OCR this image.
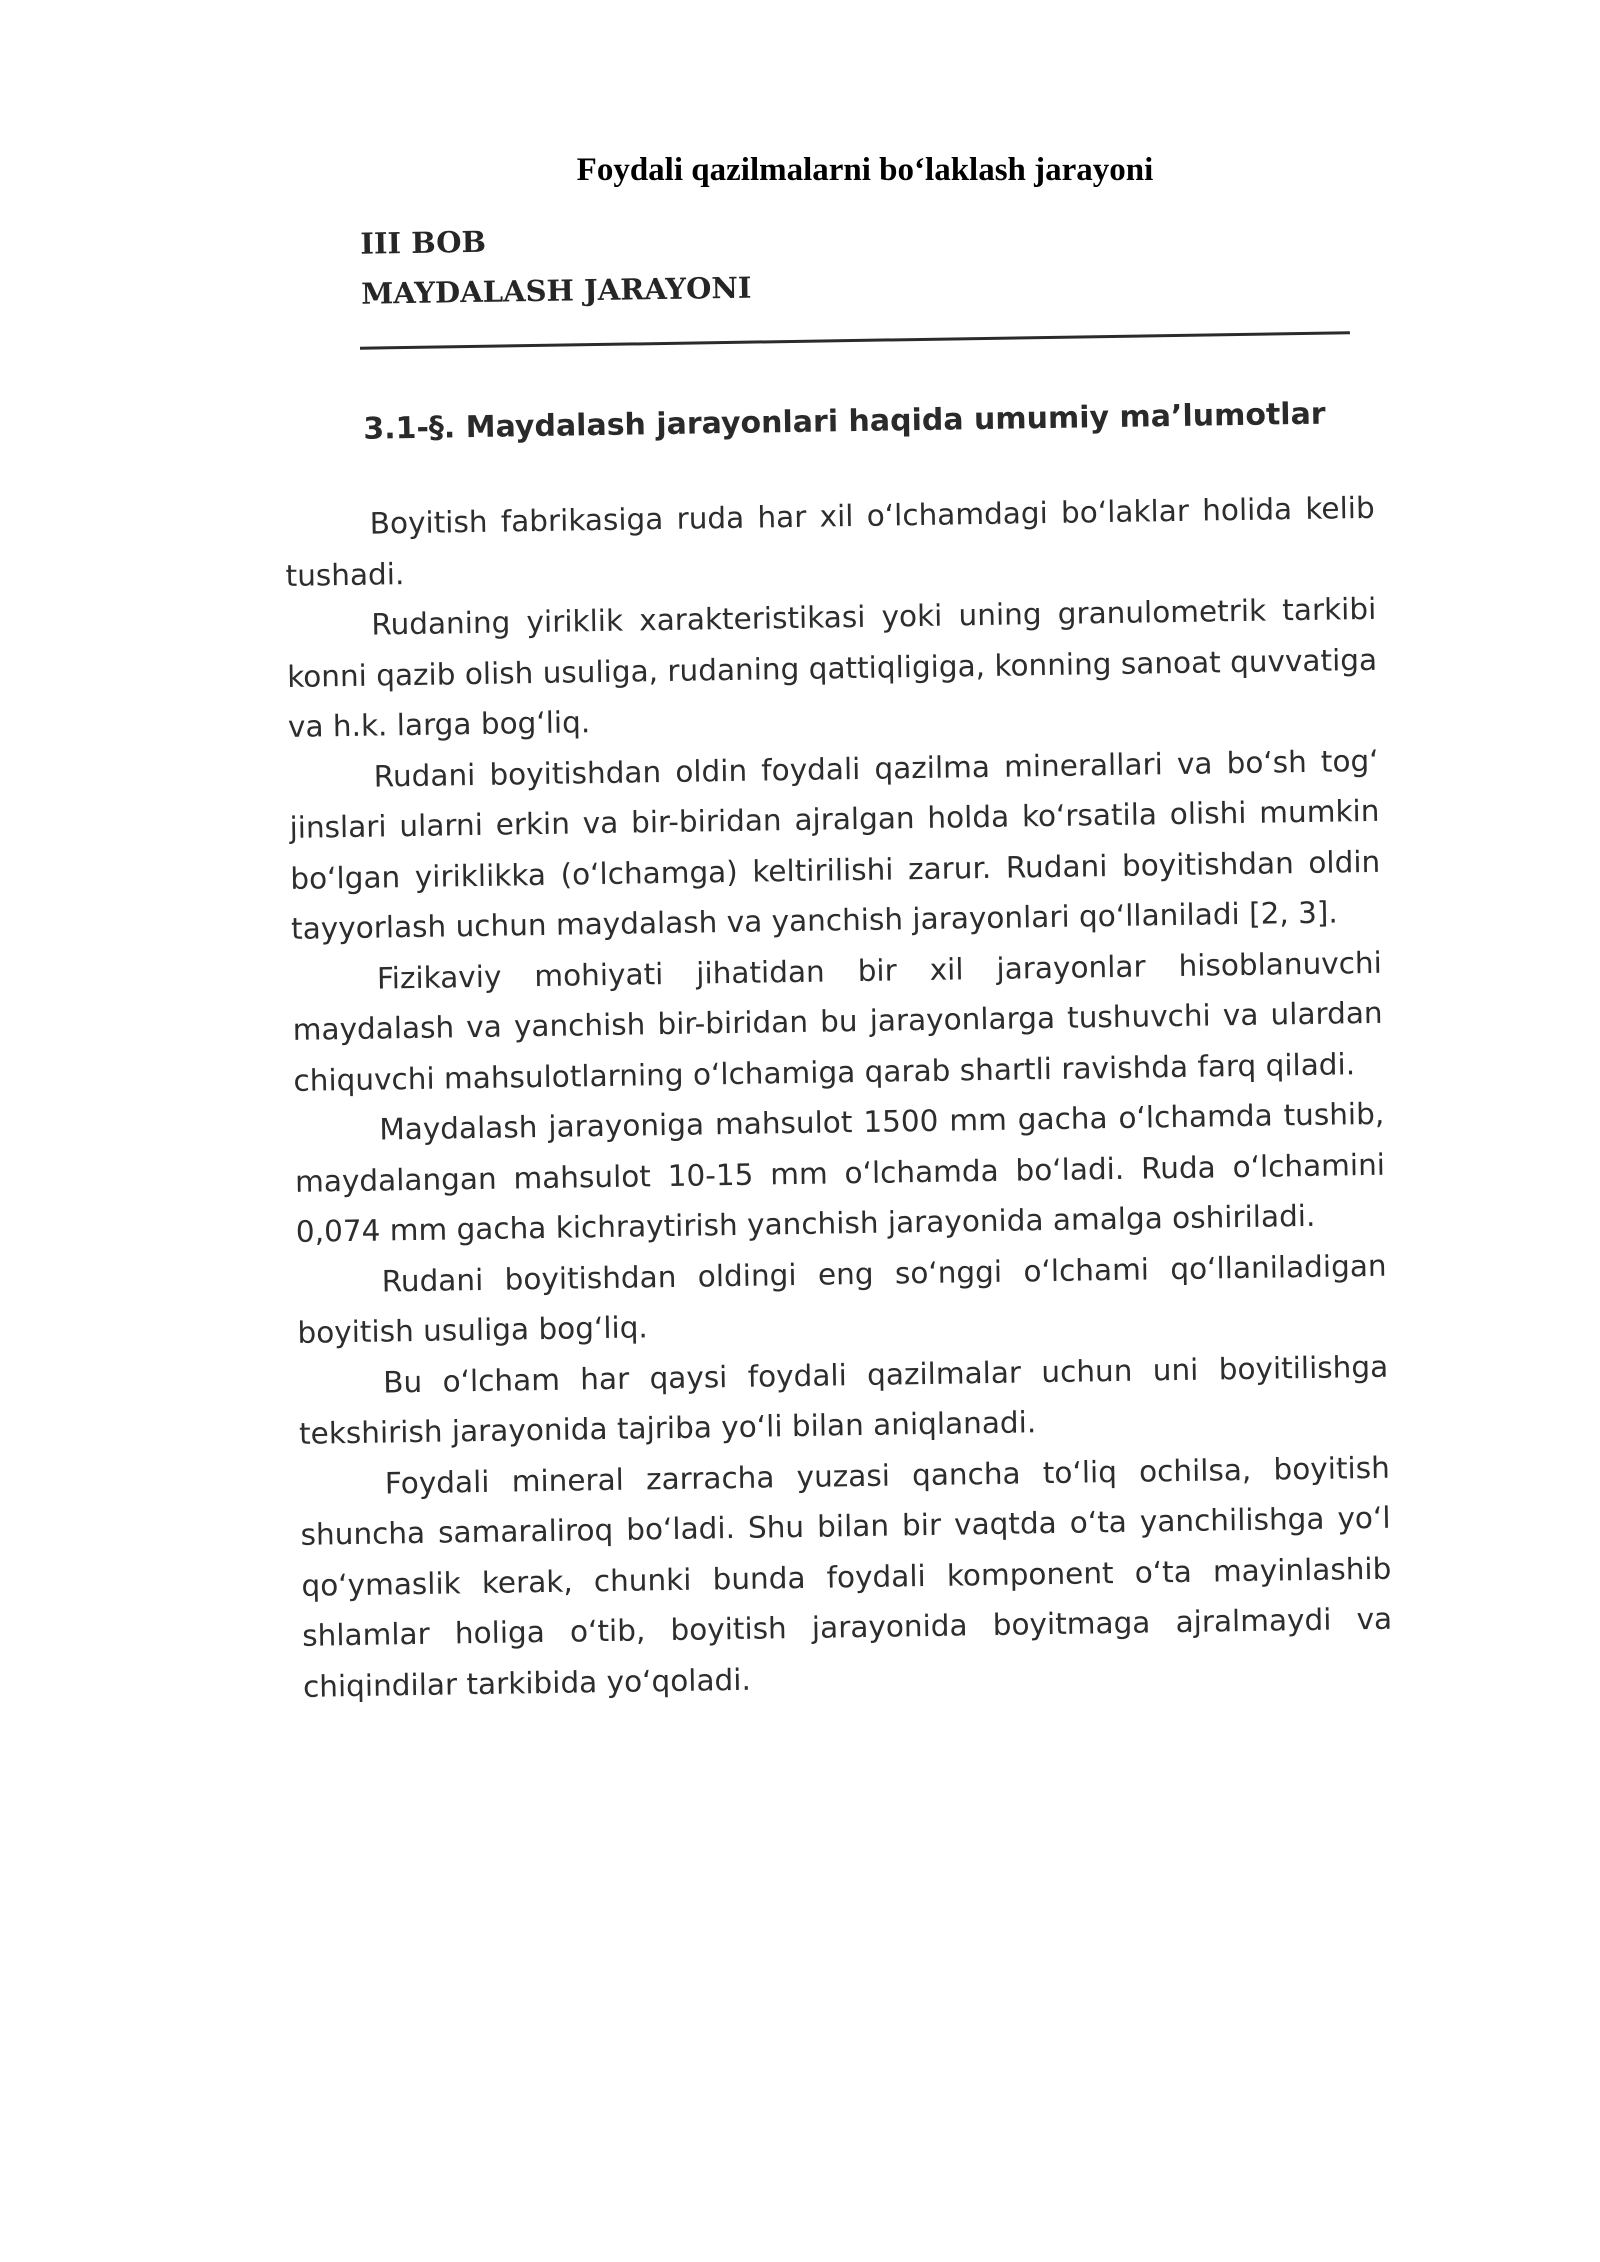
Foydali qazilmalarni bo‘laklash jarayoni
III BOB
MAYDALASH JARAYONI
3.1-§. Maydalash jarayonlari haqida umumiy ma’lumotlar

Boyitish fabrikasiga ruda har xil o‘lchamdagi bo‘laklar holida kelib tushadi.

Rudaning yiriklik xarakteristikasi yoki uning granulometrik tarkibi konni qazib olish usuliga, rudaning qattiqligiga, konning sanoat quvvatiga va h.k. larga bog‘liq.

Rudani boyitishdan oldin foydali qazilma minerallari va bo‘sh tog‘ jinslari ularni erkin va bir-biridan ajralgan holda ko‘rsatila olishi mumkin bo‘lgan yiriklikka (o‘lchamga) keltirilishi zarur. Rudani boyitishdan oldin tayyorlash uchun maydalash va yanchish jarayonlari qo‘llaniladi [2, 3].

Fizikaviy mohiyati jihatidan bir xil jarayonlar hisoblanuvchi maydalash va yanchish bir-biridan bu jarayonlarga tushuvchi va ulardan chiquvchi mahsulotlarning o‘lchamiga qarab shartli ravishda farq qiladi.

Maydalash jarayoniga mahsulot 1500 mm gacha o‘lchamda tushib, maydalangan mahsulot 10-15 mm o‘lchamda bo‘ladi. Ruda o‘lchamini 0,074 mm gacha kichraytirish yanchish jarayonida amalga oshiriladi.

Rudani boyitishdan oldingi eng so‘nggi o‘lchami qo‘llaniladigan boyitish usuliga bog‘liq.

Bu o‘lcham har qaysi foydali qazilmalar uchun uni boyitilishga tekshirish jarayonida tajriba yo‘li bilan aniqlanadi.

Foydali mineral zarracha yuzasi qancha to‘liq ochilsa, boyitish shuncha samaraliroq bo‘ladi. Shu bilan bir vaqtda o‘ta yanchilishga yo‘l qo‘ymaslik kerak, chunki bunda foydali komponent o‘ta mayinlashib shlamlar holiga o‘tib, boyitish jarayonida boyitmaga ajralmaydi va chiqindilar tarkibida yo‘qoladi.
